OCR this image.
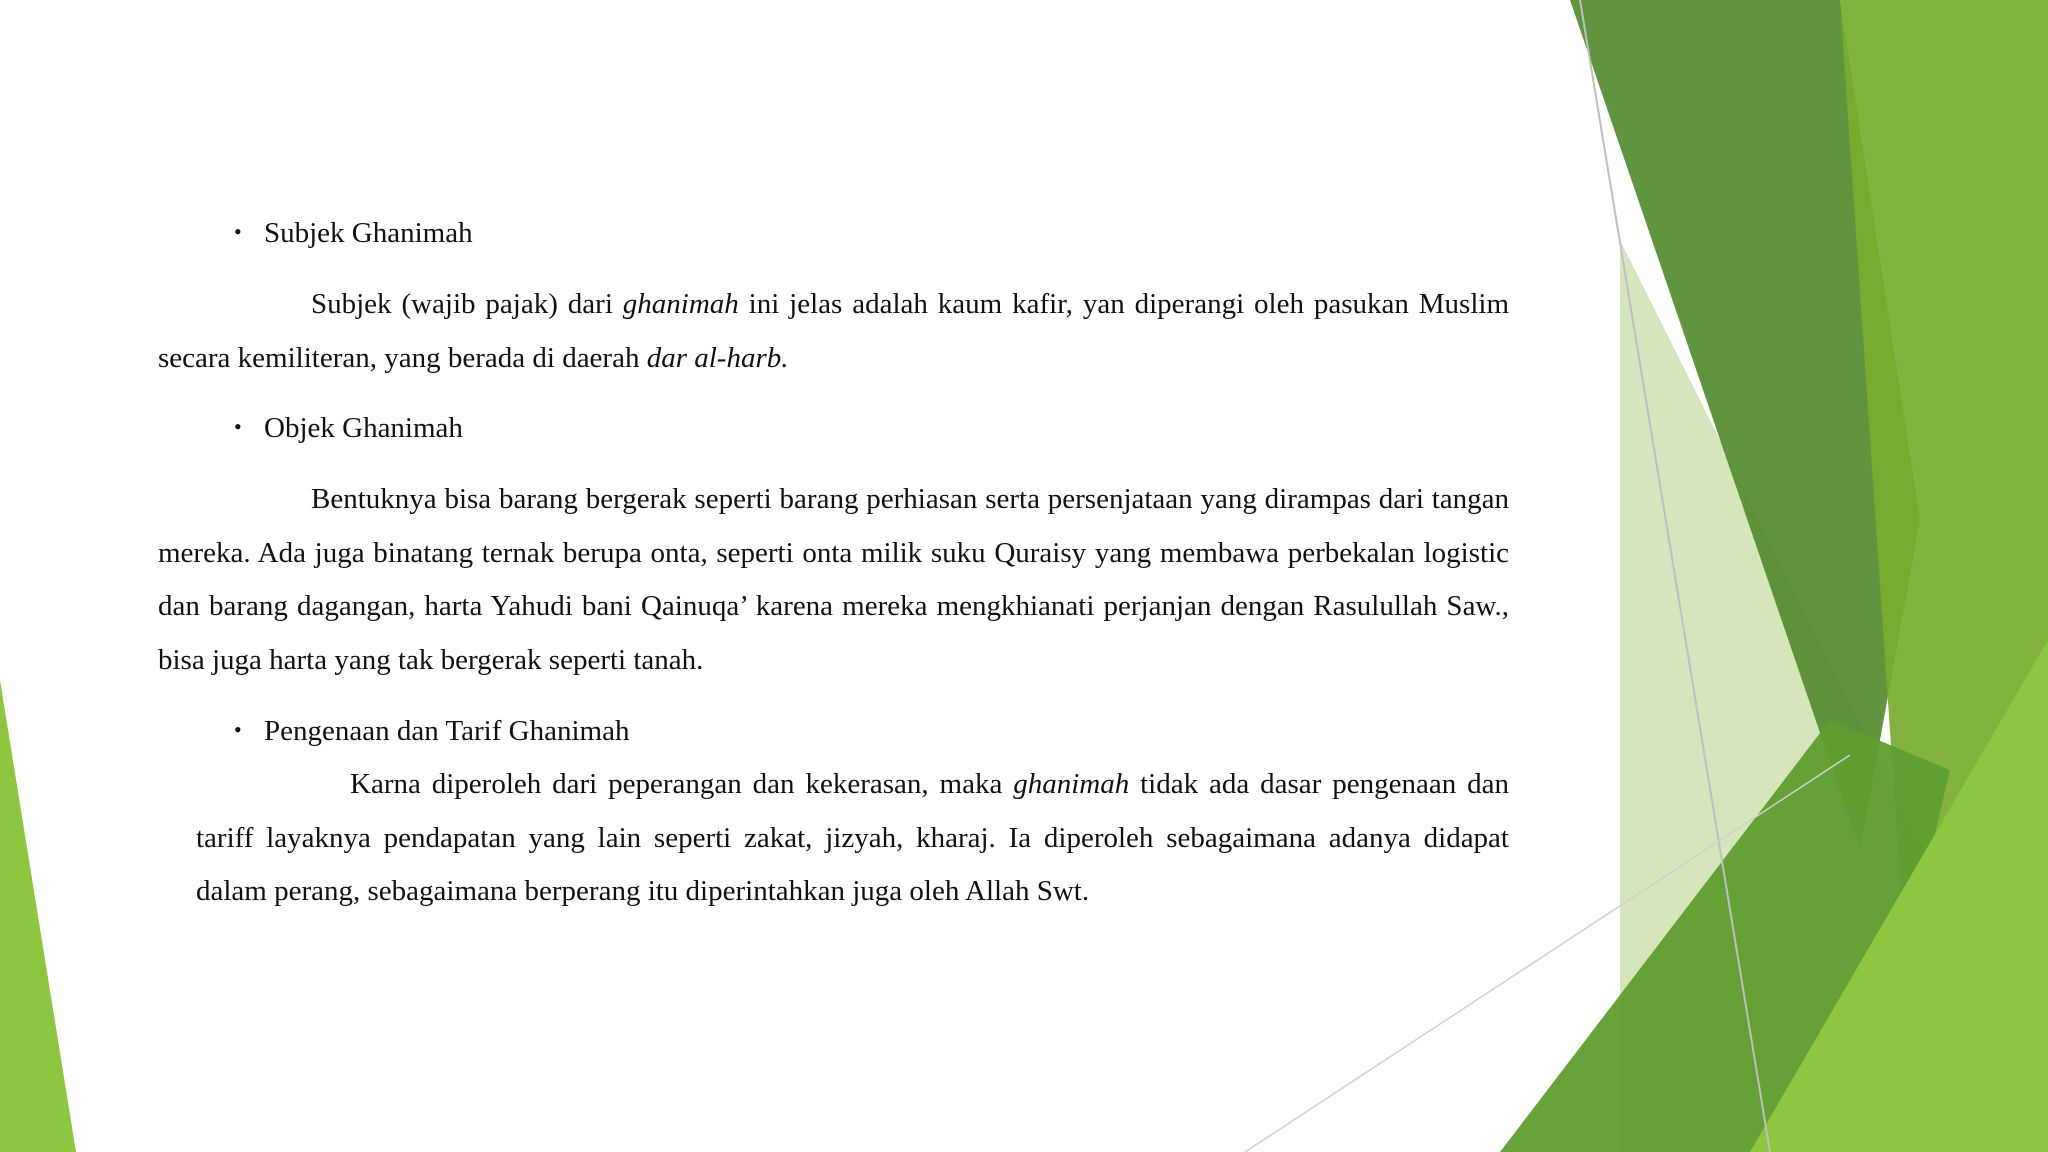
• Subjek Ghanimah
Subjek (wajib pajak) dari ghanimah ini jelas adalah kaum kafir, yan diperangi oleh pasukan Muslim secara kemiliteran, yang berada di daerah dar al-harb.
• Objek Ghanimah
Bentuknya bisa barang bergerak seperti barang perhiasan serta persenjataan yang dirampas dari tangan mereka. Ada juga binatang ternak berupa onta, seperti onta milik suku Quraisy yang membawa perbekalan logistic dan barang dagangan, harta Yahudi bani Qainuqa’ karena mereka mengkhianati perjanjan dengan Rasulullah Saw., bisa juga harta yang tak bergerak seperti tanah.
• Pengenaan dan Tarif Ghanimah
Karna diperoleh dari peperangan dan kekerasan, maka ghanimah tidak ada dasar pengenaan dan tariff layaknya pendapatan yang lain seperti zakat, jizyah, kharaj. Ia diperoleh sebagaimana adanya didapat dalam perang, sebagaimana berperang itu diperintahkan juga oleh Allah Swt.
